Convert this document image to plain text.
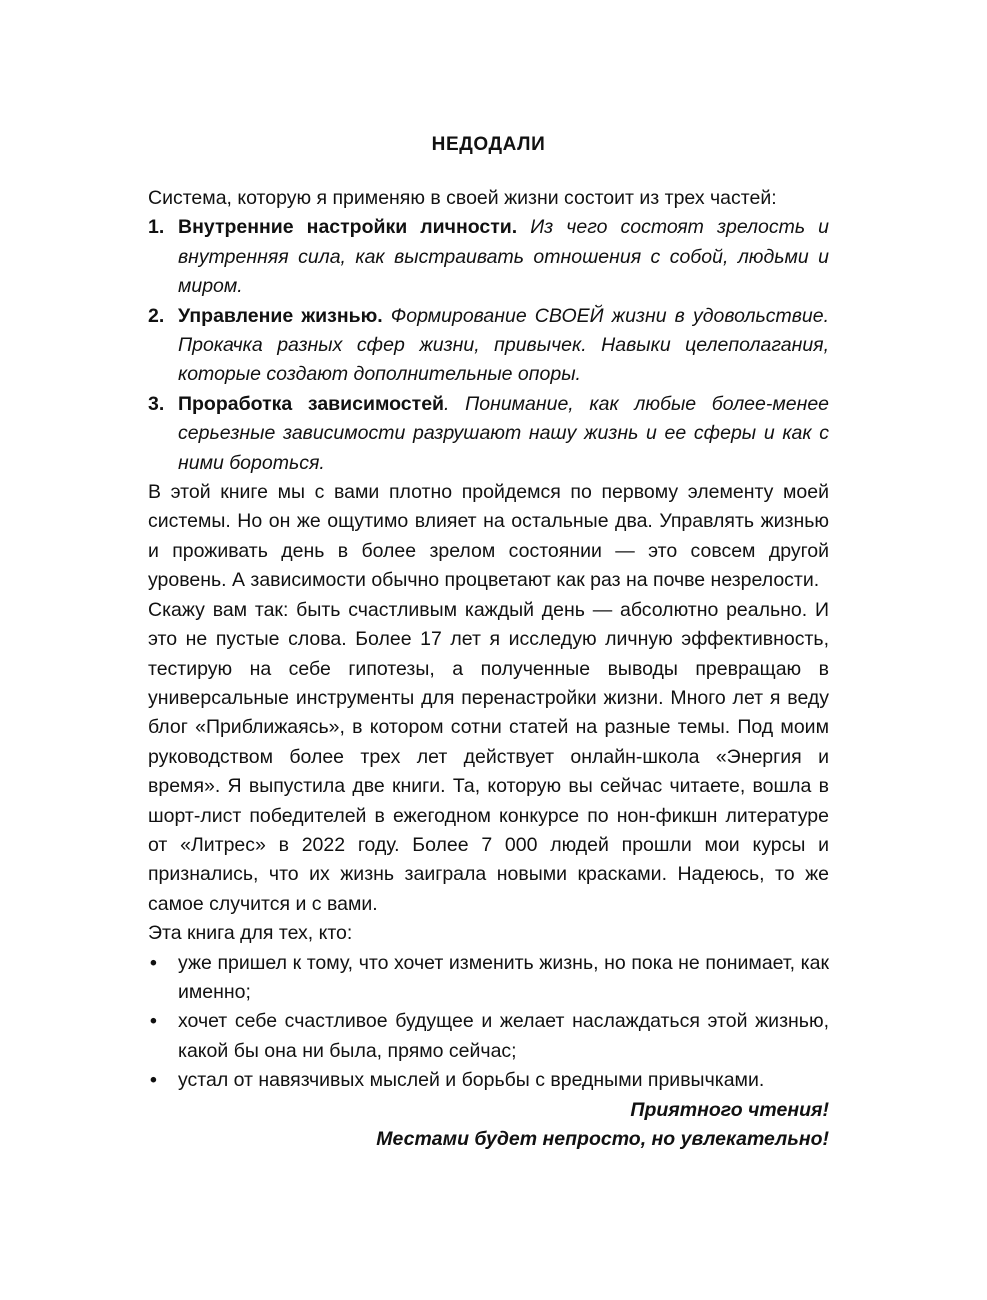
НЕДОДАЛИ

Система, которую я применяю в своей жизни состоит из трех частей:

1. Внутренние настройки личности. Из чего состоят зрелость и внутренняя сила, как выстраивать отношения с собой, людьми и миром.
2. Управление жизнью. Формирование СВОЕЙ жизни в удовольствие. Прокачка разных сфер жизни, привычек. Навыки целеполагания, которые создают дополнительные опоры.
3. Проработка зависимостей. Понимание, как любые более-менее серьезные зависимости разрушают нашу жизнь и ее сферы и как с ними бороться.

В этой книге мы с вами плотно пройдемся по первому элементу моей системы. Но он же ощутимо влияет на остальные два. Управлять жизнью и проживать день в более зрелом состоянии — это совсем другой уровень. А зависимости обычно процветают как раз на почве незрелости.

Скажу вам так: быть счастливым каждый день — абсолютно реально. И это не пустые слова. Более 17 лет я исследую личную эффективность, тестирую на себе гипотезы, а полученные выводы превращаю в универсальные инструменты для перенастройки жизни. Много лет я веду блог «Приближаясь», в котором сотни статей на разные темы. Под моим руководством более трех лет действует онлайн-школа «Энергия и время». Я выпустила две книги. Та, которую вы сейчас читаете, вошла в шорт-лист победителей в ежегодном конкурсе по нон-фикшн литературе от «Литрес» в 2022 году. Более 7 000 людей прошли мои курсы и признались, что их жизнь заиграла новыми красками. Надеюсь, то же самое случится и с вами.

Эта книга для тех, кто:

• уже пришел к тому, что хочет изменить жизнь, но пока не понимает, как именно;
• хочет себе счастливое будущее и желает наслаждаться этой жизнью, какой бы она ни была, прямо сейчас;
• устал от навязчивых мыслей и борьбы с вредными привычками.
Приятного чтения!
Местами будет непросто, но увлекательно!
